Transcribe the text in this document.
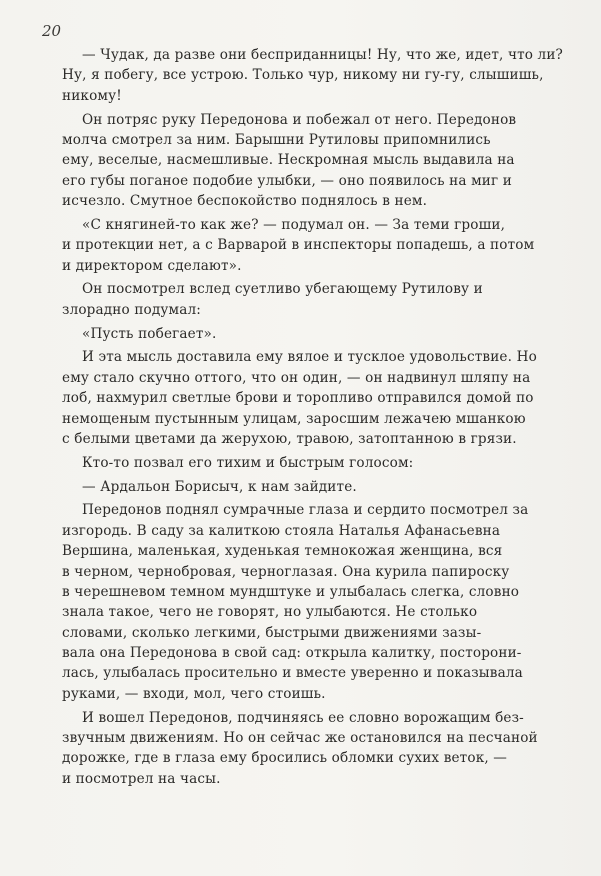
20
— Чудак, да разве они бесприданницы! Ну, что же, идет, что ли?
Ну, я побегу, все устрою. Только чур, никому ни гу-гу, слышишь,
никому!
Он потряс руку Передонова и побежал от него. Передонов
молча смотрел за ним. Барышни Рутиловы припомнились
ему, веселые, насмешливые. Нескромная мысль выдавила на
его губы поганое подобие улыбки, — оно появилось на миг и
исчезло. Смутное беспокойство поднялось в нем.
«С княгиней-то как же? — подумал он. — За теми гроши,
и протекции нет, а с Варварой в инспекторы попадешь, а потом
и директором сделают».
Он посмотрел вслед суетливо убегающему Рутилову и
злорадно подумал:
«Пусть побегает».
И эта мысль доставила ему вялое и тусклое удовольствие. Но
ему стало скучно оттого, что он один, — он надвинул шляпу на
лоб, нахмурил светлые брови и торопливо отправился домой по
немощеным пустынным улицам, заросшим лежачею мшанкою
с белыми цветами да жерухою, травою, затоптанною в грязи.
Кто-то позвал его тихим и быстрым голосом:
— Ардальон Борисыч, к нам зайдите.
Передонов поднял сумрачные глаза и сердито посмотрел за
изгородь. В саду за калиткою стояла Наталья Афанасьевна
Вершина, маленькая, худенькая темнокожая женщина, вся
в черном, чернобровая, черноглазая. Она курила папироску
в черешневом темном мундштуке и улыбалась слегка, словно
знала такое, чего не говорят, но улыбаются. Не столько
словами, сколько легкими, быстрыми движениями зазы-
вала она Передонова в свой сад: открыла калитку, посторони-
лась, улыбалась просительно и вместе уверенно и показывала
руками, — входи, мол, чего стоишь.
И вошел Передонов, подчиняясь ее словно ворожащим без-
звучным движениям. Но он сейчас же остановился на песчаной
дорожке, где в глаза ему бросились обломки сухих веток, —
и посмотрел на часы.
